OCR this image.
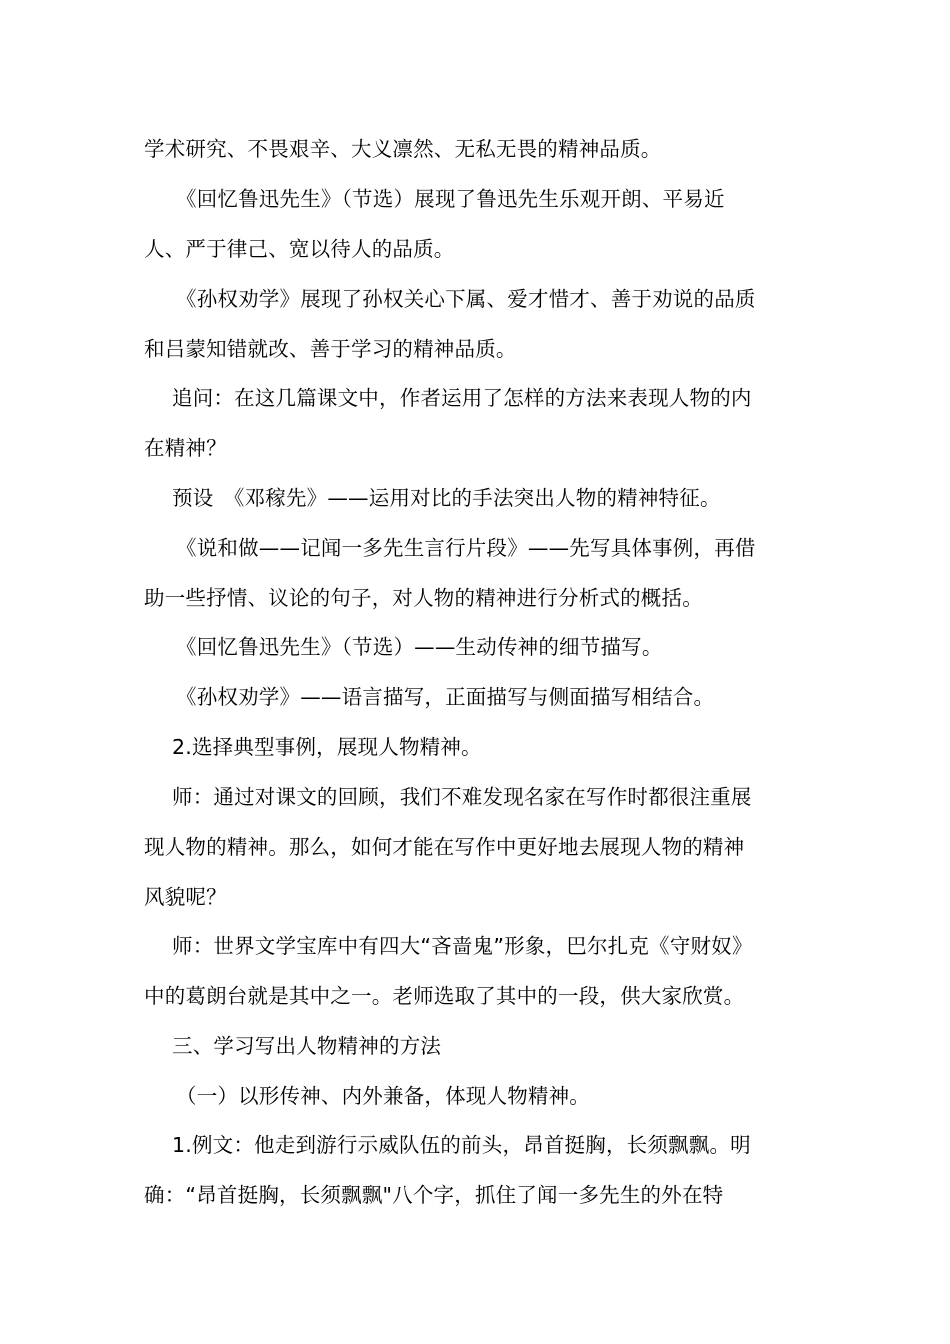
学术研究、不畏艰辛、大义凛然、无私无畏的精神品质。
《回忆鲁迅先生》（节选）展现了鲁迅先生乐观开朗、平易近
人、严于律己、宽以待人的品质。
《孙权劝学》展现了孙权关心下属、爱才惜才、善于劝说的品质
和吕蒙知错就改、善于学习的精神品质。
追问：在这几篇课文中，作者运用了怎样的方法来表现人物的内
在精神？
预设　《邓稼先》——运用对比的手法突出人物的精神特征。
《说和做——记闻一多先生言行片段》——先写具体事例，再借
助一些抒情、议论的句子，对人物的精神进行分析式的概括。
《回忆鲁迅先生》（节选）——生动传神的细节描写。
《孙权劝学》——语言描写，正面描写与侧面描写相结合。
2.选择典型事例，展现人物精神。
师：通过对课文的回顾，我们不难发现名家在写作时都很注重展
现人物的精神。那么，如何才能在写作中更好地去展现人物的精神
风貌呢？
师：世界文学宝库中有四大“吝啬鬼”形象，巴尔扎克《守财奴》
中的葛朗台就是其中之一。老师选取了其中的一段，供大家欣赏。
三、学习写出人物精神的方法
（一）以形传神、内外兼备，体现人物精神。
1.例文：他走到游行示威队伍的前头，昂首挺胸，长须飘飘。明
确：“昂首挺胸，长须飘飘"八个字，抓住了闻一多先生的外在特
